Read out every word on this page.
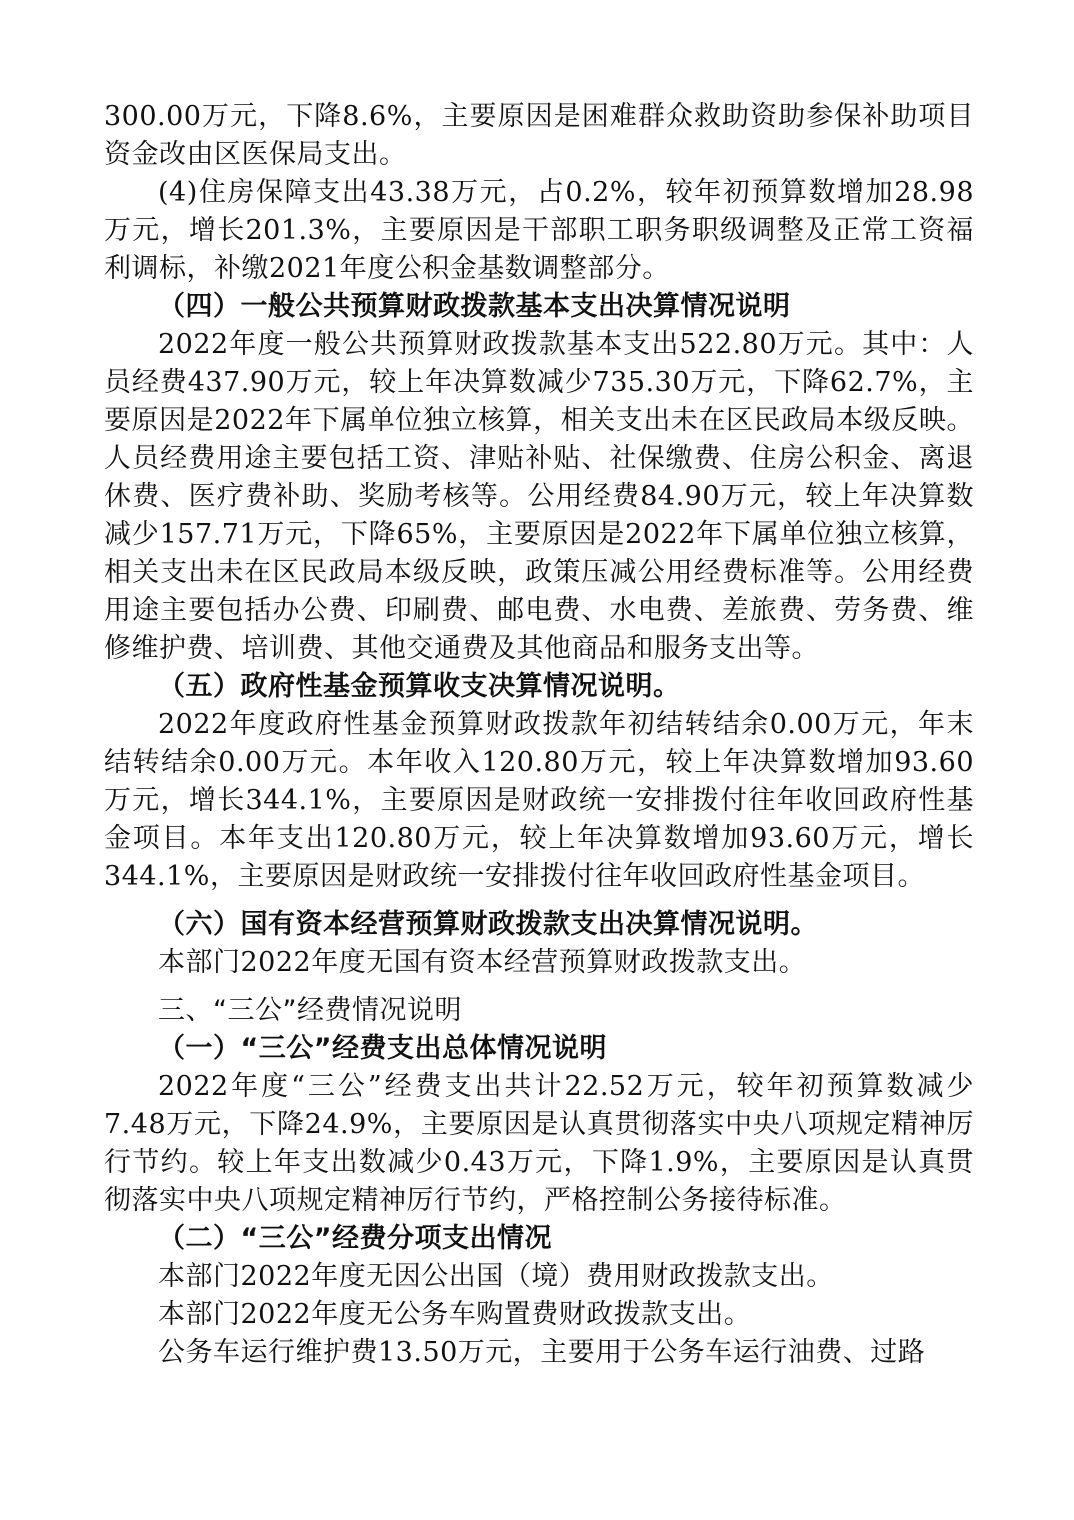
300.00万元，下降8.6%，主要原因是困难群众救助资助参保补助项目资金改由区医保局支出。

(4)住房保障支出43.38万元，占0.2%，较年初预算数增加28.98万元，增长201.3%，主要原因是干部职工职务职级调整及正常工资福利调标，补缴2021年度公积金基数调整部分。

（四）一般公共预算财政拨款基本支出决算情况说明

2022年度一般公共预算财政拨款基本支出522.80万元。其中：人员经费437.90万元，较上年决算数减少735.30万元，下降62.7%，主要原因是2022年下属单位独立核算，相关支出未在区民政局本级反映。人员经费用途主要包括工资、津贴补贴、社保缴费、住房公积金、离退休费、医疗费补助、奖励考核等。公用经费84.90万元，较上年决算数减少157.71万元，下降65%，主要原因是2022年下属单位独立核算，相关支出未在区民政局本级反映，政策压减公用经费标准等。公用经费用途主要包括办公费、印刷费、邮电费、水电费、差旅费、劳务费、维修维护费、培训费、其他交通费及其他商品和服务支出等。

（五）政府性基金预算收支决算情况说明。

2022年度政府性基金预算财政拨款年初结转结余0.00万元，年末结转结余0.00万元。本年收入120.80万元，较上年决算数增加93.60万元，增长344.1%，主要原因是财政统一安排拨付往年收回政府性基金项目。本年支出120.80万元，较上年决算数增加93.60万元，增长344.1%，主要原因是财政统一安排拨付往年收回政府性基金项目。

（六）国有资本经营预算财政拨款支出决算情况说明。

本部门2022年度无国有资本经营预算财政拨款支出。

三、“三公”经费情况说明

（一）“三公”经费支出总体情况说明

2022年度“三公”经费支出共计22.52万元，较年初预算数减少7.48万元，下降24.9%，主要原因是认真贯彻落实中央八项规定精神厉行节约。较上年支出数减少0.43万元，下降1.9%，主要原因是认真贯彻落实中央八项规定精神厉行节约，严格控制公务接待标准。

（二）“三公”经费分项支出情况

本部门2022年度无因公出国（境）费用财政拨款支出。

本部门2022年度无公务车购置费财政拨款支出。

公务车运行维护费13.50万元，主要用于公务车运行油费、过路
